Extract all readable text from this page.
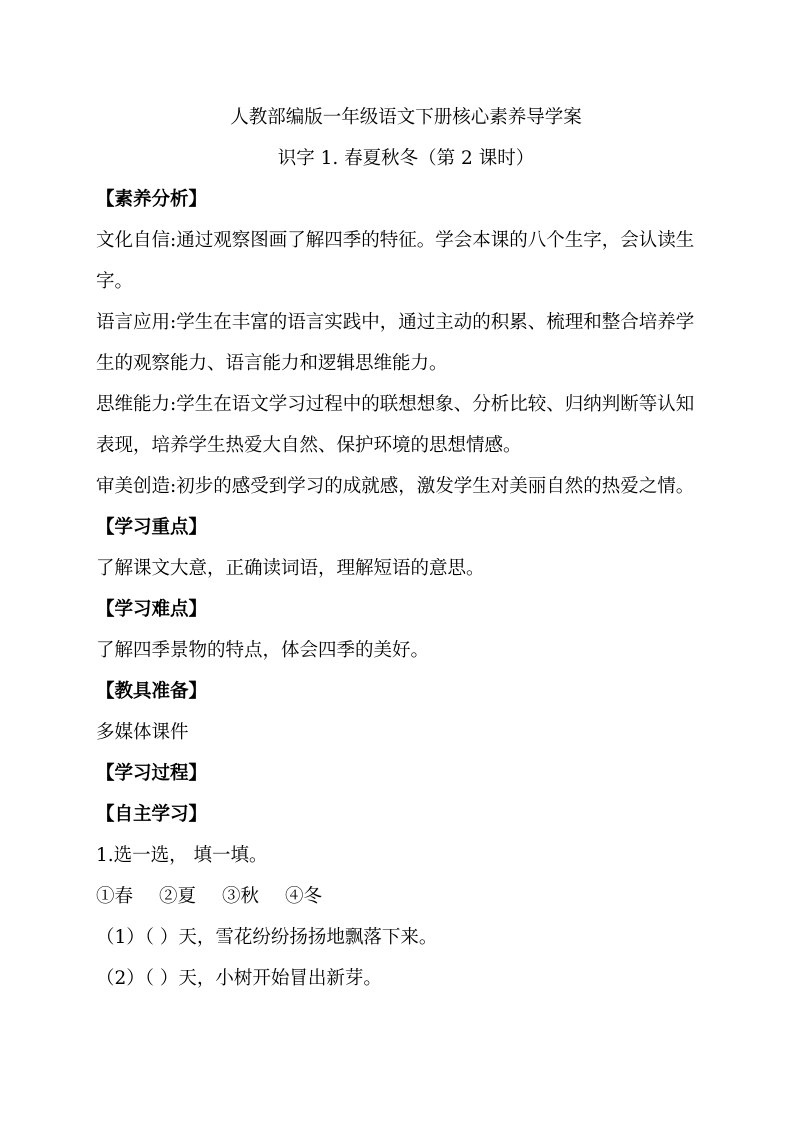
人教部编版一年级语文下册核心素养导学案
识字 1. 春夏秋冬（第 2 课时）
【素养分析】
文化自信:通过观察图画了解四季的特征。学会本课的八个生字，会认读生
字。
语言应用:学生在丰富的语言实践中，通过主动的积累、梳理和整合培养学
生的观察能力、语言能力和逻辑思维能力。
思维能力:学生在语文学习过程中的联想想象、分析比较、归纳判断等认知
表现，培养学生热爱大自然、保护环境的思想情感。
审美创造:初步的感受到学习的成就感，激发学生对美丽自然的热爱之情。
【学习重点】
了解课文大意，正确读词语，理解短语的意思。
【学习难点】
了解四季景物的特点，体会四季的美好。
【教具准备】
多媒体课件
【学习过程】
【自主学习】
1.选一选， 填一填。
①春 ②夏 ③秋 ④冬
（1）（ ）天，雪花纷纷扬扬地飘落下来。
（2）（ ）天，小树开始冒出新芽。
